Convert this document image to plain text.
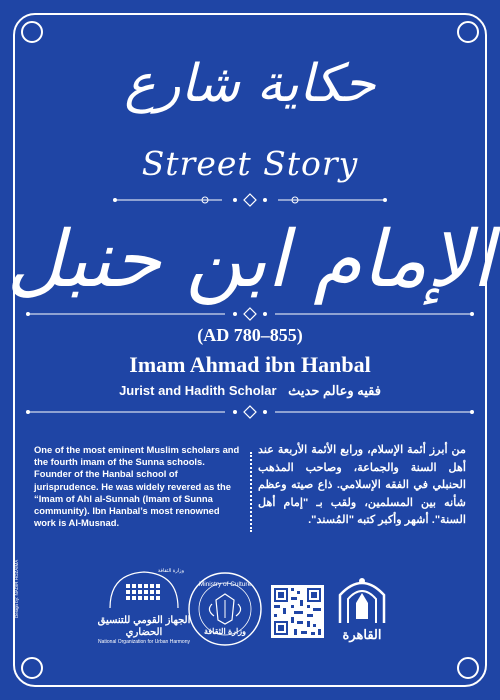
حكاية شارع
Street Story
الإمام ابن حنبل
(AD 780–855)
Imam Ahmad ibn Hanbal
Jurist and Hadith Scholar فقيه وعالم حديث
One of the most eminent Muslim scholars and the fourth imam of the Sunna schools. Founder of the Hanbal school of jurisprudence. He was widely revered as the “Imam of Ahl al-Sunnah (Imam of Sunna community). Ibn Hanbal’s most renowned work is Al-Musnad.
من أبرز أئمة الإسلام، ورابع الأئمة الأربعة عند أهل السنة والجماعة، وصاحب المذهب الحنبلي في الفقه الإسلامي. ذاع صيته وعظم شأنه بين المسلمين، ولقب بـ "إمام أهل السنة". أشهر وأكبر كتبه "المُسند".
Design by: NADIR HOZAIMA	وزارة الثقافة
الجهاز القومي للتنسيق الحضاري
National Organization for Urban Harmony
Ministry of Culture
وزارة الثقافة	القاهرة
